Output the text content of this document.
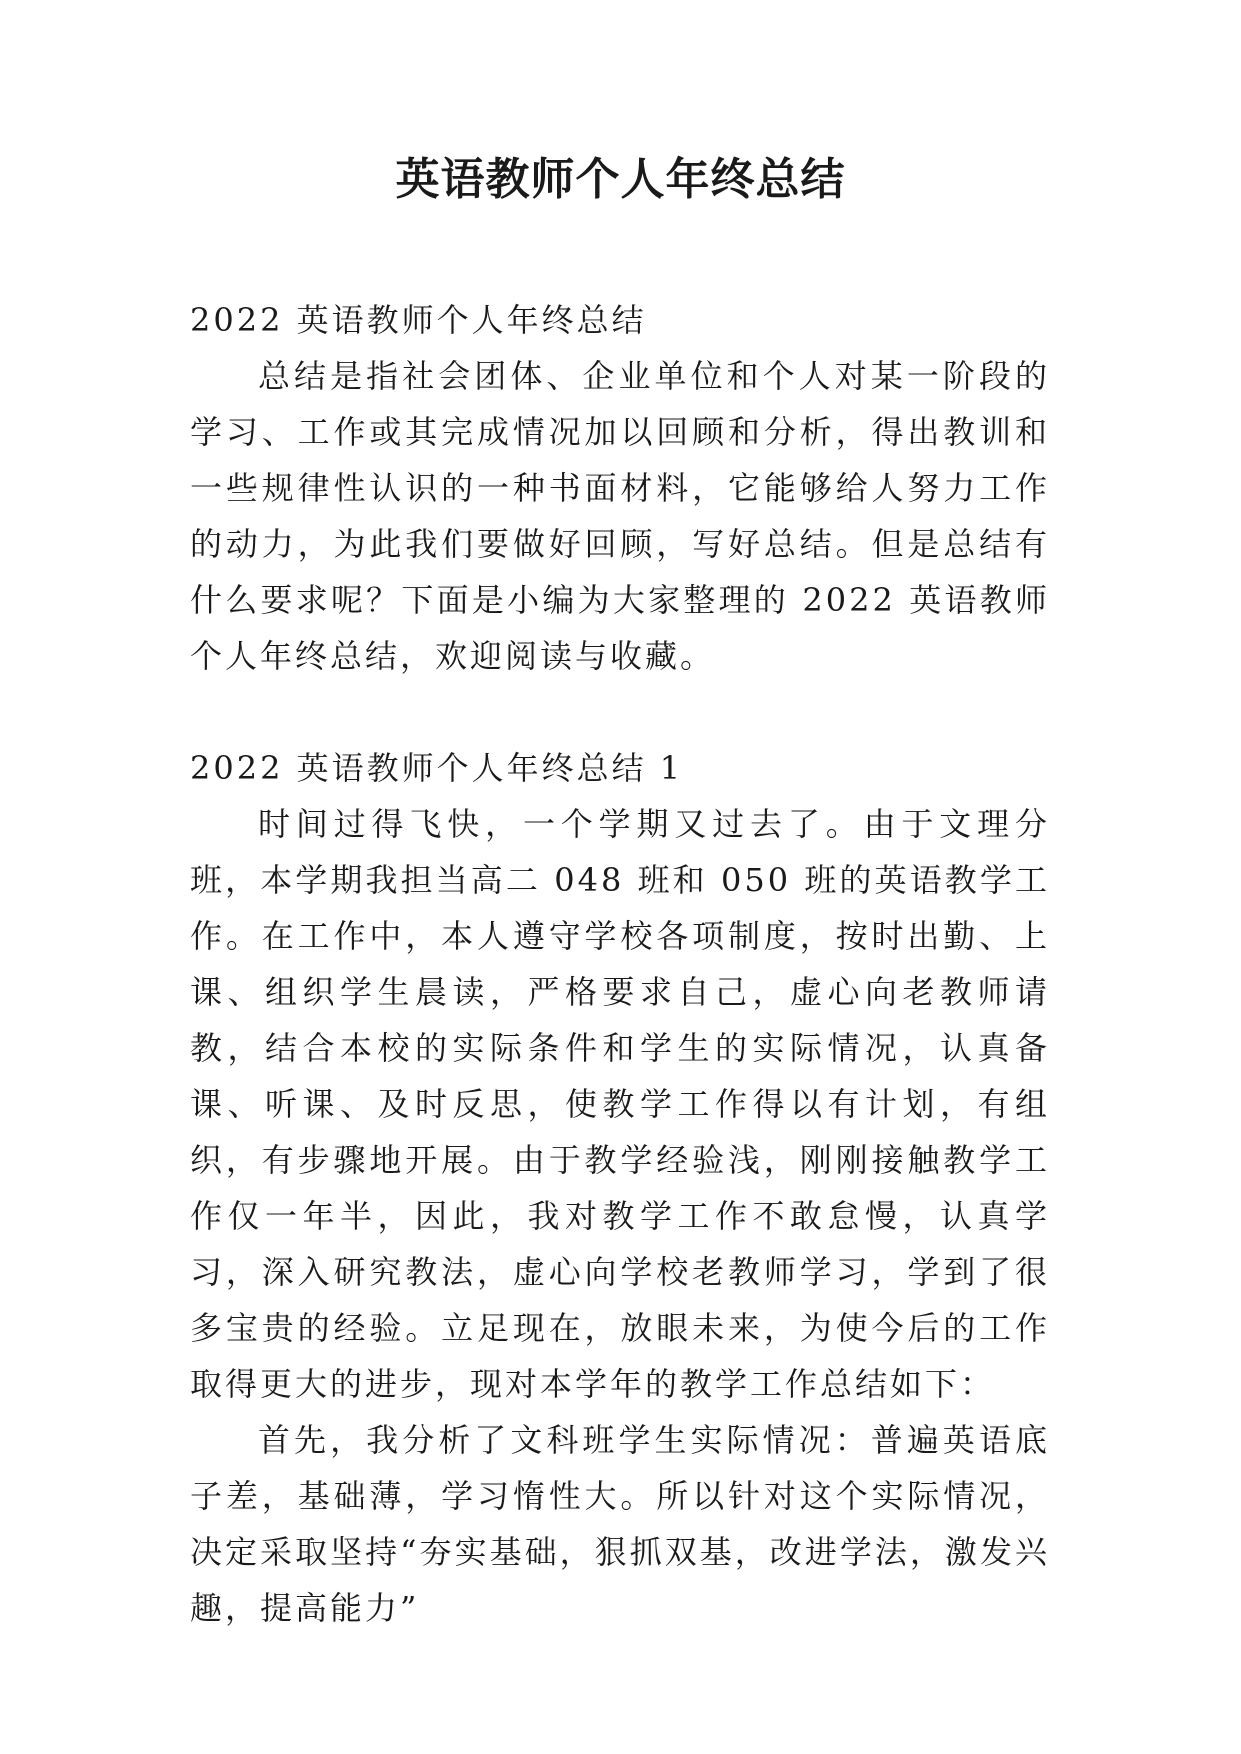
英语教师个人年终总结

2022 英语教师个人年终总结

总结是指社会团体、企业单位和个人对某一阶段的学习、工作或其完成情况加以回顾和分析，得出教训和一些规律性认识的一种书面材料，它能够给人努力工作的动力，为此我们要做好回顾，写好总结。但是总结有什么要求呢？下面是小编为大家整理的 2022 英语教师个人年终总结，欢迎阅读与收藏。

2022 英语教师个人年终总结 1

时间过得飞快，一个学期又过去了。由于文理分班，本学期我担当高二 048 班和 050 班的英语教学工作。在工作中，本人遵守学校各项制度，按时出勤、上课、组织学生晨读，严格要求自己，虚心向老教师请教，结合本校的实际条件和学生的实际情况，认真备课、听课、及时反思，使教学工作得以有计划，有组织，有步骤地开展。由于教学经验浅，刚刚接触教学工作仅一年半，因此，我对教学工作不敢怠慢，认真学习，深入研究教法，虚心向学校老教师学习，学到了很多宝贵的经验。立足现在，放眼未来，为使今后的工作取得更大的进步，现对本学年的教学工作总结如下：

首先，我分析了文科班学生实际情况：普遍英语底子差，基础薄，学习惰性大。所以针对这个实际情况，决定采取坚持“夯实基础，狠抓双基，改进学法，激发兴趣，提高能力”
